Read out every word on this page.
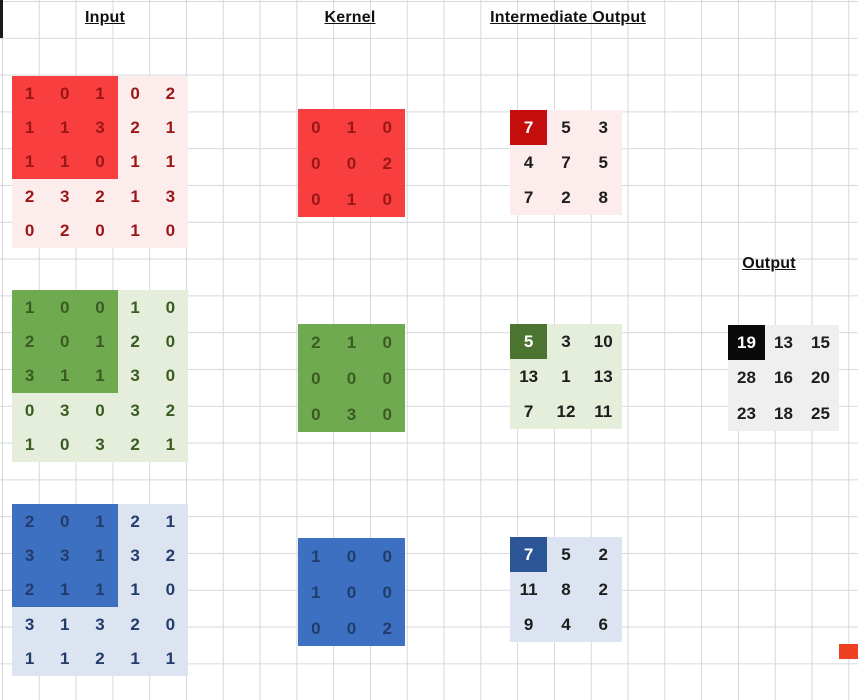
Input	Kernel	Intermediate Output
Output
1	0	1	0	2
1	1	3	2	1
1	1	0	1	1
2	3	2	1	3
0	2	0	1	0
0	1	0
0	0	2
0	1	0
7	5	3
4	7	5
7	2	8
1	0	0	1	0
2	0	1	2	0
3	1	1	3	0
0	3	0	3	2
1	0	3	2	1
2	1	0
0	0	0
0	3	0
5	3	10
13	1	13
7	12	11
2	0	1	2	1
3	3	1	3	2
2	1	1	1	0
3	1	3	2	0
1	1	2	1	1
1	0	0
1	0	0
0	0	2
7	5	2
11	8	2
9	4	6
19	13	15
28	16	20
23	18	25
